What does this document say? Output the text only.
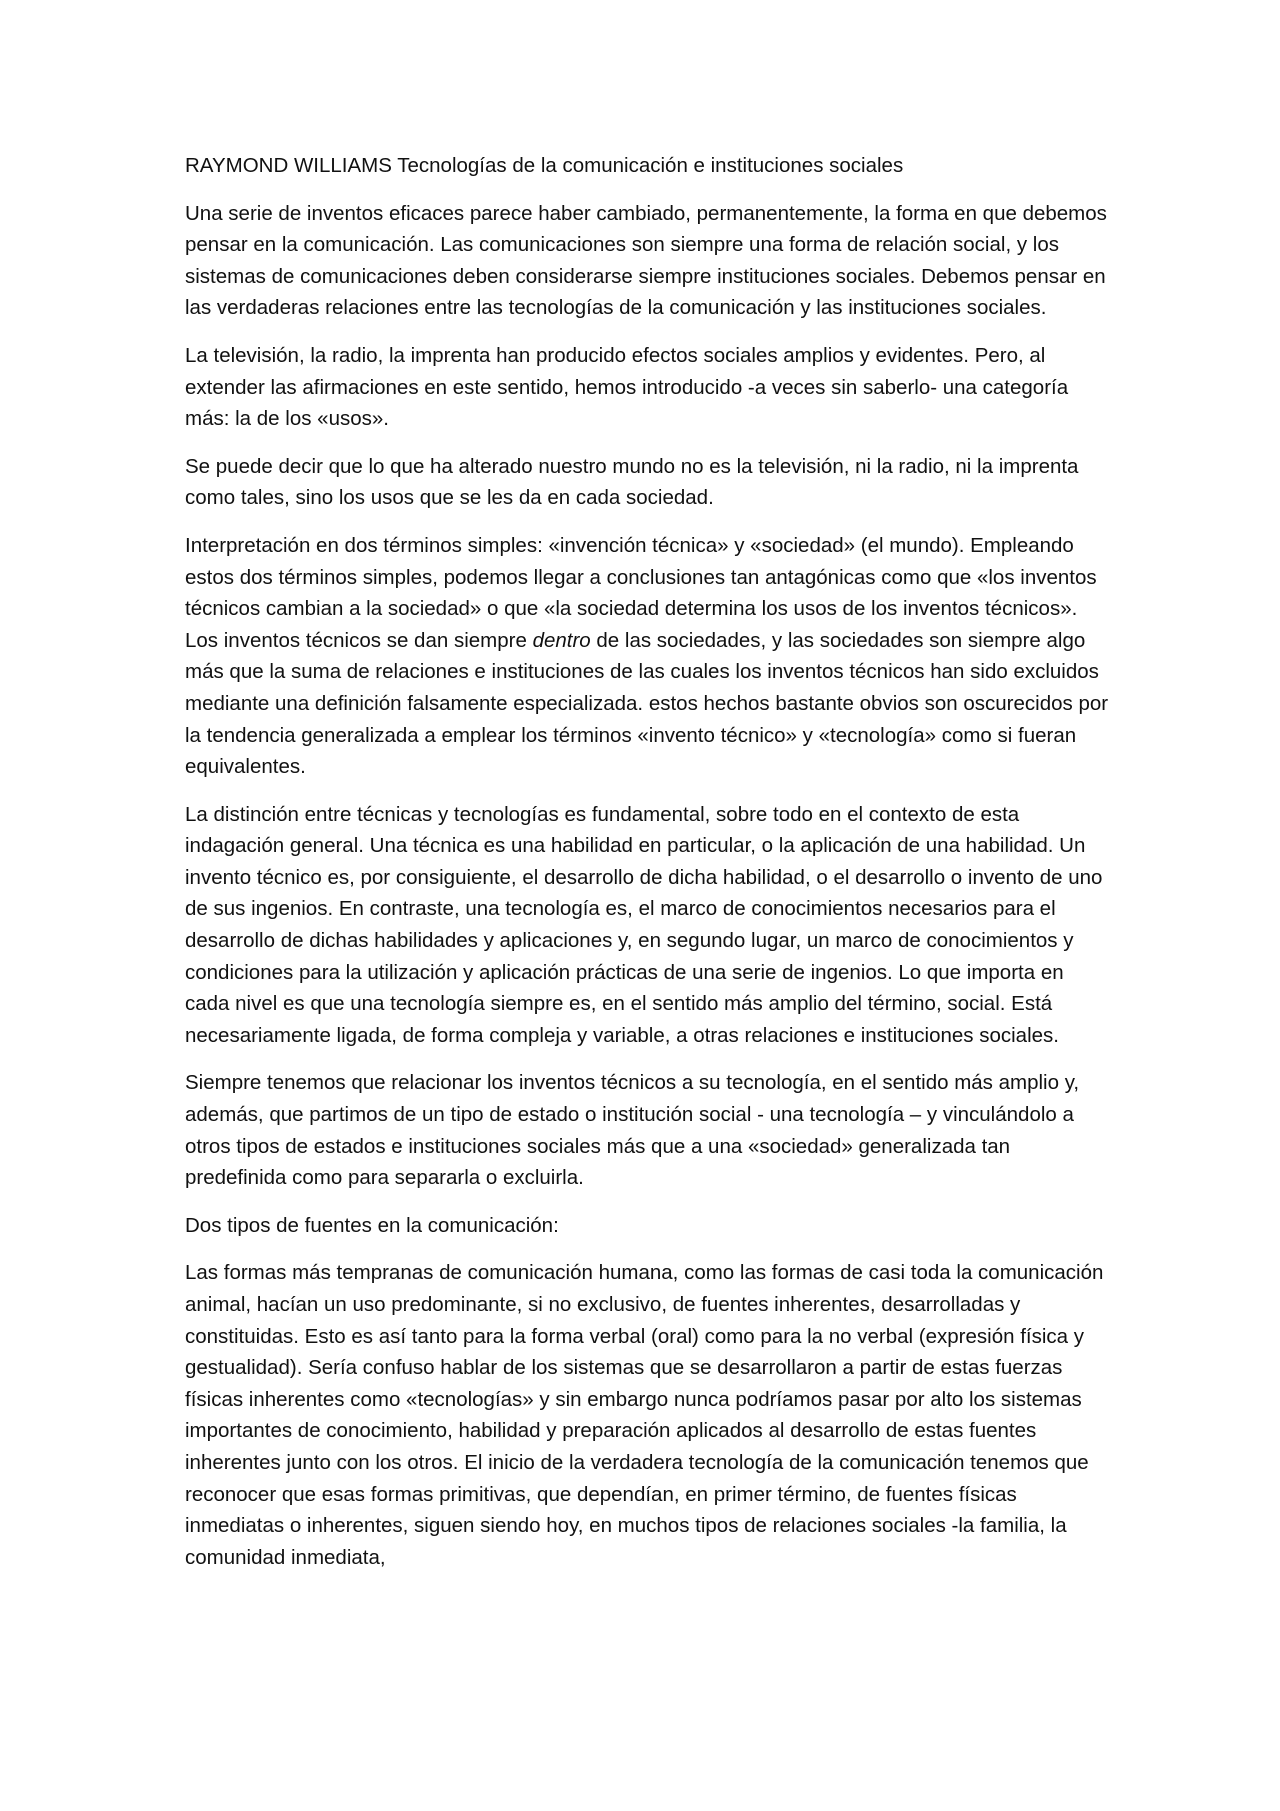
RAYMOND WILLIAMS Tecnologías de la comunicación e instituciones sociales

Una serie de inventos eficaces parece haber cambiado, permanentemente, la forma en que debemos pensar en la comunicación. Las comunicaciones son siempre una forma de relación social, y los sistemas de comunicaciones deben considerarse siempre instituciones sociales. Debemos pensar en las verdaderas relaciones entre las tecnologías de la comunicación y las instituciones sociales.

La televisión, la radio, la imprenta han producido efectos sociales amplios y evidentes. Pero, al extender las afirmaciones en este sentido, hemos introducido -a veces sin saberlo- una categoría más: la de los «usos».

Se puede decir que lo que ha alterado nuestro mundo no es la televisión, ni la radio, ni la imprenta como tales, sino los usos que se les da en cada sociedad.

Interpretación en dos términos simples: «invención técnica» y «sociedad» (el mundo). Empleando estos dos términos simples, podemos llegar a conclusiones tan antagónicas como que «los inventos técnicos cambian a la sociedad» o que «la sociedad determina los usos de los inventos técnicos». Los inventos técnicos se dan siempre dentro de las sociedades, y las sociedades son siempre algo más que la suma de relaciones e instituciones de las cuales los inventos técnicos han sido excluidos mediante una definición falsamente especializada. estos hechos bastante obvios son oscurecidos por la tendencia generalizada a emplear los términos «invento técnico» y «tecnología» como si fueran equivalentes.

La distinción entre técnicas y tecnologías es fundamental, sobre todo en el contexto de esta indagación general. Una técnica es una habilidad en particular, o la aplicación de una habilidad. Un invento técnico es, por consiguiente, el desarrollo de dicha habilidad, o el desarrollo o invento de uno de sus ingenios. En contraste, una tecnología es, el marco de conocimientos necesarios para el desarrollo de dichas habilidades y aplicaciones y, en segundo lugar, un marco de conocimientos y condiciones para la utilización y aplicación prácticas de una serie de ingenios. Lo que importa en cada nivel es que una tecnología siempre es, en el sentido más amplio del término, social. Está necesariamente ligada, de forma compleja y variable, a otras relaciones e instituciones sociales.

Siempre tenemos que relacionar los inventos técnicos a su tecnología, en el sentido más amplio y, además, que partimos de un tipo de estado o institución social - una tecnología – y vinculándolo a otros tipos de estados e instituciones sociales más que a una «sociedad» generalizada tan predefinida como para separarla o excluirla.

Dos tipos de fuentes en la comunicación:

Las formas más tempranas de comunicación humana, como las formas de casi toda la comunicación animal, hacían un uso predominante, si no exclusivo, de fuentes inherentes, desarrolladas y constituidas. Esto es así tanto para la forma verbal (oral) como para la no verbal (expresión física y gestualidad). Sería confuso hablar de los sistemas que se desarrollaron a partir de estas fuerzas físicas inherentes como «tecnologías» y sin embargo nunca podríamos pasar por alto los sistemas importantes de conocimiento, habilidad y preparación aplicados al desarrollo de estas fuentes inherentes junto con los otros. El inicio de la verdadera tecnología de la comunicación tenemos que reconocer que esas formas primitivas, que dependían, en primer término, de fuentes físicas inmediatas o inherentes, siguen siendo hoy, en muchos tipos de relaciones sociales -la familia, la comunidad inmediata,
